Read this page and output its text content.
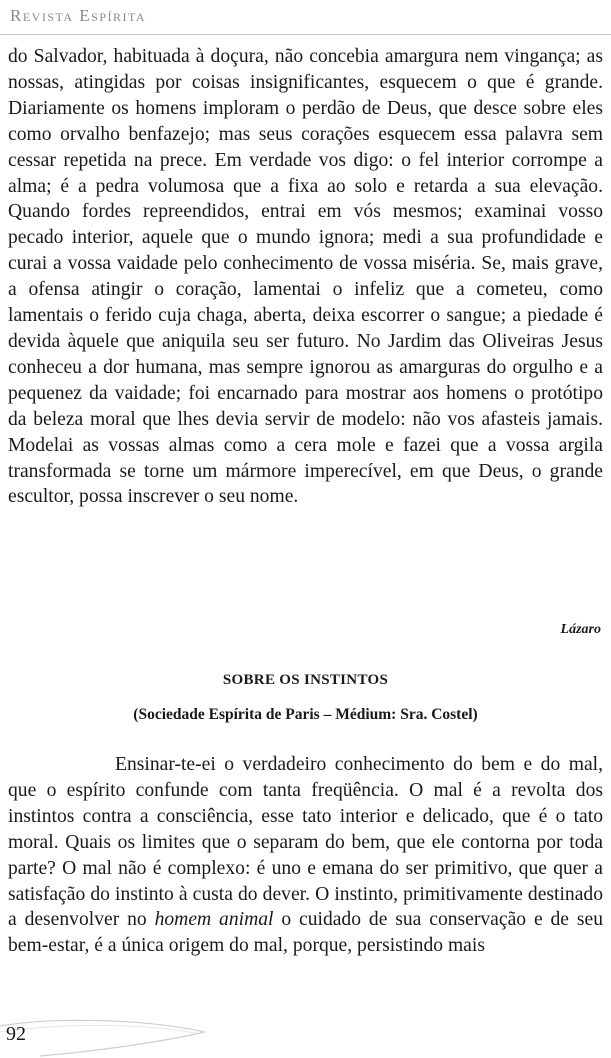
Revista Espírita

do Salvador, habituada à doçura, não concebia amargura nem vingança; as nossas, atingidas por coisas insignificantes, esquecem o que é grande. Diariamente os homens imploram o perdão de Deus, que desce sobre eles como orvalho benfazejo; mas seus corações esquecem essa palavra sem cessar repetida na prece. Em verdade vos digo: o fel interior corrompe a alma; é a pedra volumosa que a fixa ao solo e retarda a sua elevação. Quando fordes repreendidos, entrai em vós mesmos; examinai vosso pecado interior, aquele que o mundo ignora; medi a sua profundidade e curai a vossa vaidade pelo conhecimento de vossa miséria. Se, mais grave, a ofensa atingir o coração, lamentai o infeliz que a cometeu, como lamentais o ferido cuja chaga, aberta, deixa escorrer o sangue; a piedade é devida àquele que aniquila seu ser futuro. No Jardim das Oliveiras Jesus conheceu a dor humana, mas sempre ignorou as amarguras do orgulho e a pequenez da vaidade; foi encarnado para mostrar aos homens o protótipo da beleza moral que lhes devia servir de modelo: não vos afasteis jamais. Modelai as vossas almas como a cera mole e fazei que a vossa argila transformada se torne um mármore imperecível, em que Deus, o grande escultor, possa inscrever o seu nome.

Lázaro
SOBRE OS INSTINTOS
(Sociedade Espírita de Paris – Médium: Sra. Costel)

Ensinar-te-ei o verdadeiro conhecimento do bem e do mal, que o espírito confunde com tanta freqüência. O mal é a revolta dos instintos contra a consciência, esse tato interior e delicado, que é o tato moral. Quais os limites que o separam do bem, que ele contorna por toda parte? O mal não é complexo: é uno e emana do ser primitivo, que quer a satisfação do instinto à custa do dever. O instinto, primitivamente destinado a desenvolver no homem animal o cuidado de sua conservação e de seu bem-estar, é a única origem do mal, porque, persistindo mais

92
